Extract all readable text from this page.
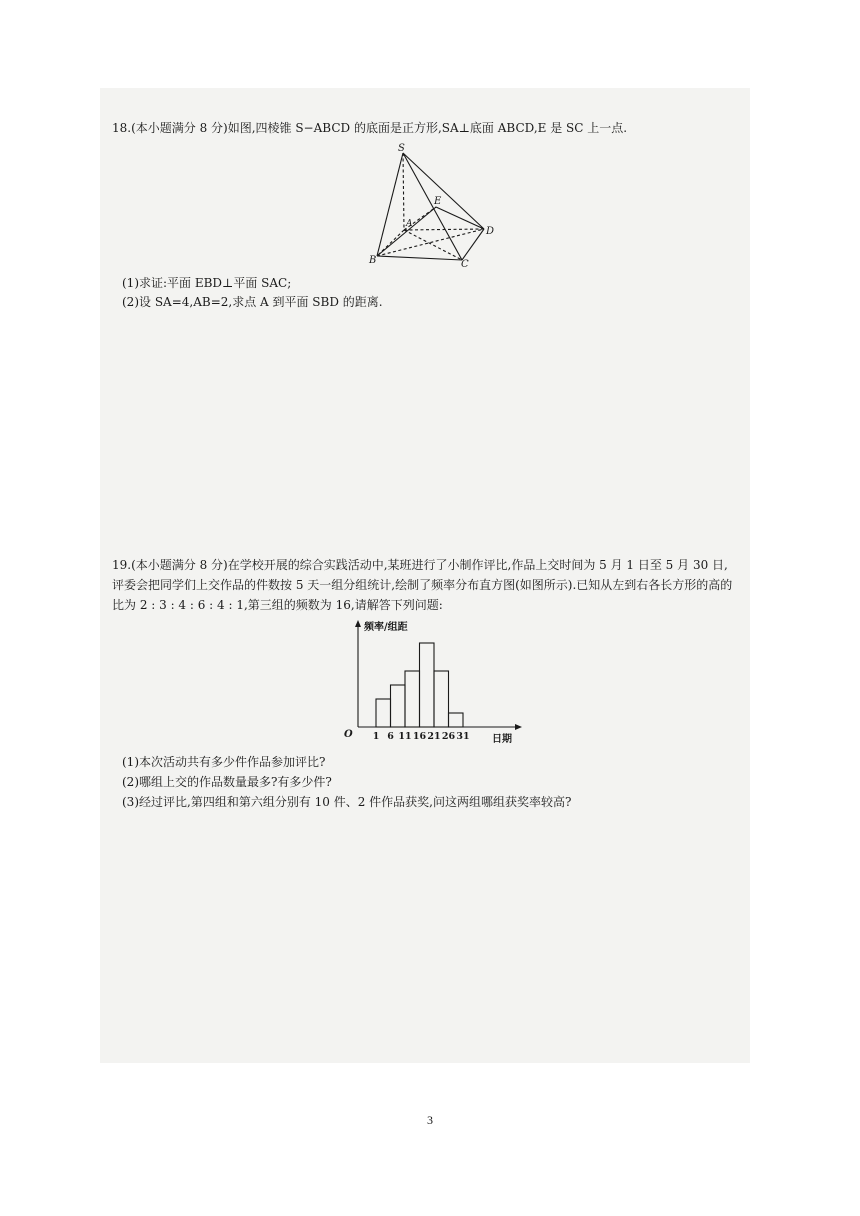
18.(本小题满分 8 分)如图,四棱锥 S−ABCD 的底面是正方形,SA⊥底面 ABCD,E 是 SC 上一点.
S
A
B	C
D
E
(1)求证:平面 EBD⊥平面 SAC;
(2)设 SA=4,AB=2,求点 A 到平面 SBD 的距离.
19.(本小题满分 8 分)在学校开展的综合实践活动中,某班进行了小制作评比,作品上交时间为 5 月 1 日至 5 月 30 日,评委会把同学们上交作品的件数按 5 天一组分组统计,绘制了频率分布直方图(如图所示).已知从左到右各长方形的高的比为 2 : 3 : 4 : 6 : 4 : 1,第三组的频数为 16,请解答下列问题:
频率/组距
日期
O 1 6 11 16 21 26 31
(1)本次活动共有多少件作品参加评比?
(2)哪组上交的作品数量最多?有多少件?
(3)经过评比,第四组和第六组分别有 10 件、2 件作品获奖,问这两组哪组获奖率较高?
3
